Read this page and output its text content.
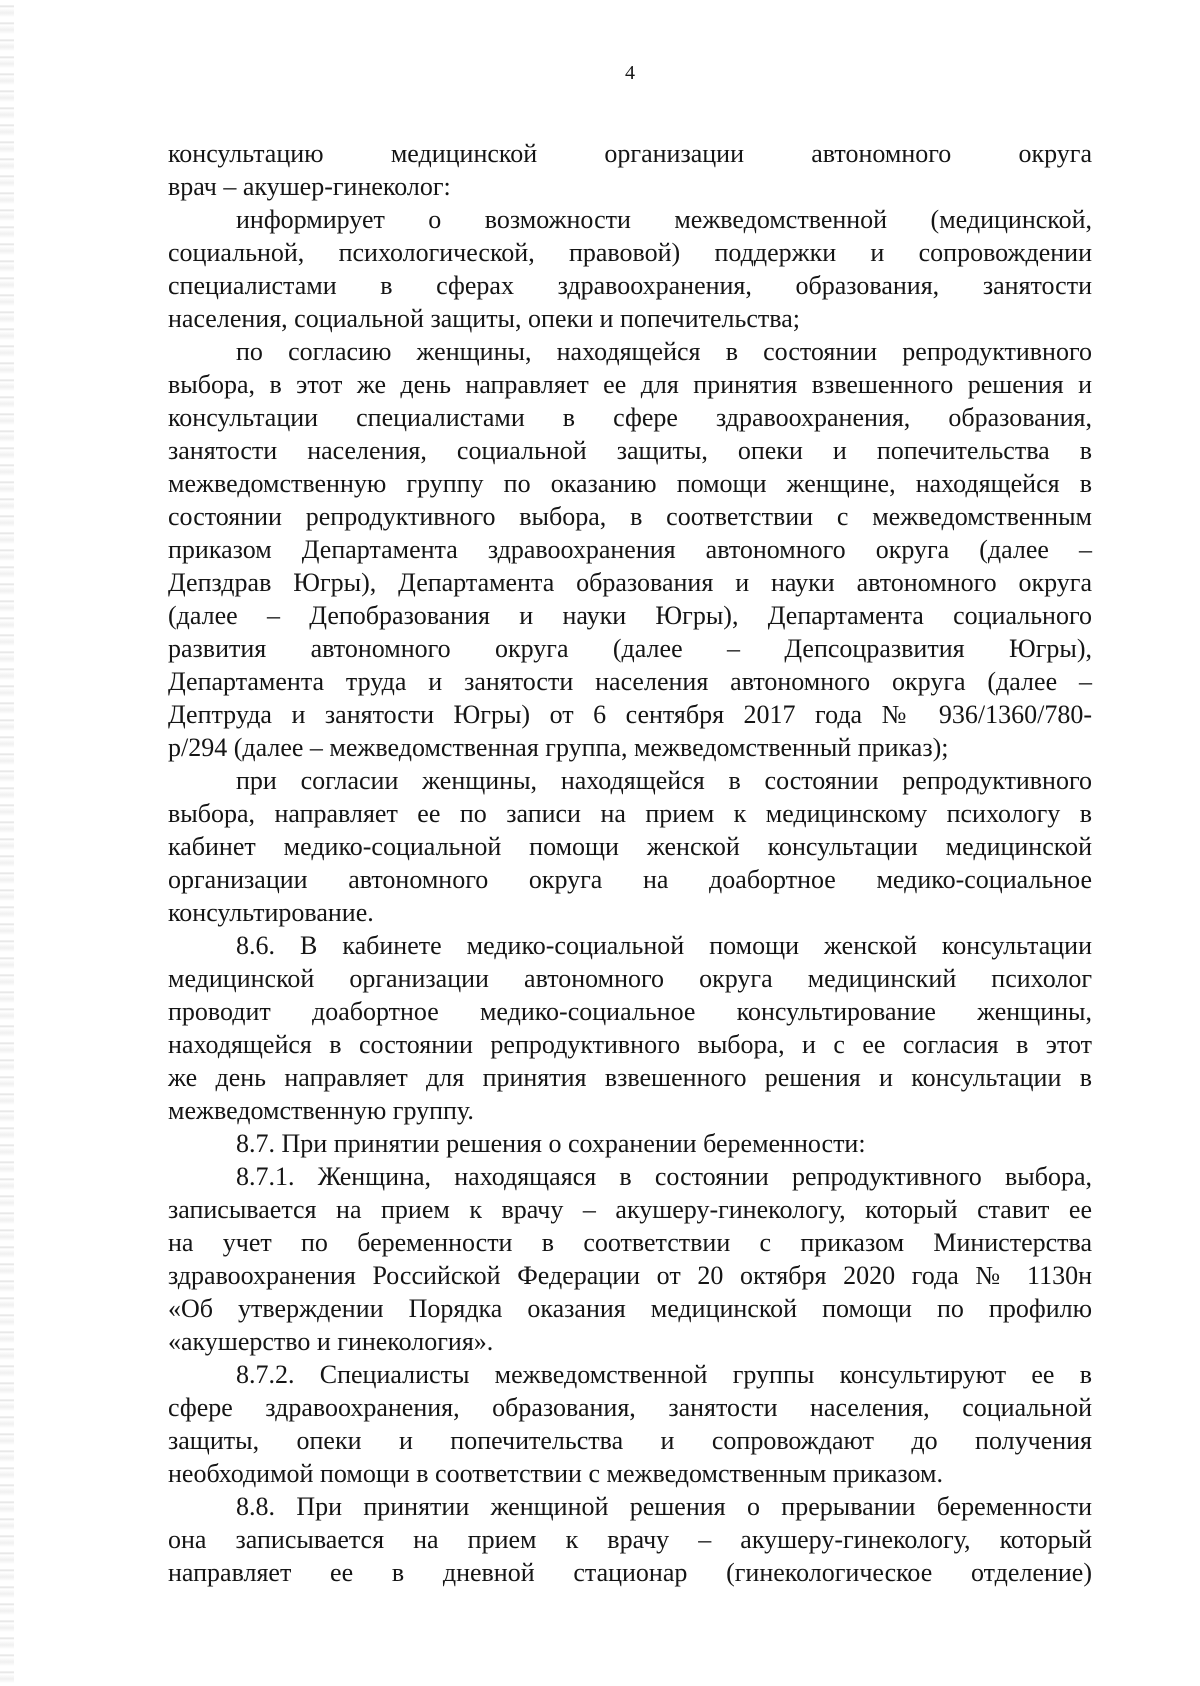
4
консультацию медицинской организации автономного округа
врач – акушер-гинеколог:
информирует о возможности межведомственной (медицинской,
социальной, психологической, правовой) поддержки и сопровождении
специалистами в сферах здравоохранения, образования, занятости
населения, социальной защиты, опеки и попечительства;
по согласию женщины, находящейся в состоянии репродуктивного
выбора, в этот же день направляет ее для принятия взвешенного решения и
консультации специалистами в сфере здравоохранения, образования,
занятости населения, социальной защиты, опеки и попечительства в
межведомственную группу по оказанию помощи женщине, находящейся в
состоянии репродуктивного выбора, в соответствии с межведомственным
приказом Департамента здравоохранения автономного округа (далее –
Депздрав Югры), Департамента образования и науки автономного округа
(далее – Депобразования и науки Югры), Департамента социального
развития автономного округа (далее – Депсоцразвития Югры),
Департамента труда и занятости населения автономного округа (далее –
Дептруда и занятости Югры) от 6 сентября 2017 года № 936/1360/780-
р/294 (далее – межведомственная группа, межведомственный приказ);
при согласии женщины, находящейся в состоянии репродуктивного
выбора, направляет ее по записи на прием к медицинскому психологу в
кабинет медико-социальной помощи женской консультации медицинской
организации автономного округа на доабортное медико-социальное
консультирование.
8.6. В кабинете медико-социальной помощи женской консультации
медицинской организации автономного округа медицинский психолог
проводит доабортное медико-социальное консультирование женщины,
находящейся в состоянии репродуктивного выбора, и с ее согласия в этот
же день направляет для принятия взвешенного решения и консультации в
межведомственную группу.
8.7. При принятии решения о сохранении беременности:
8.7.1. Женщина, находящаяся в состоянии репродуктивного выбора,
записывается на прием к врачу – акушеру-гинекологу, который ставит ее
на учет по беременности в соответствии с приказом Министерства
здравоохранения Российской Федерации от 20 октября 2020 года № 1130н
«Об утверждении Порядка оказания медицинской помощи по профилю
«акушерство и гинекология».
8.7.2. Специалисты межведомственной группы консультируют ее в
сфере здравоохранения, образования, занятости населения, социальной
защиты, опеки и попечительства и сопровождают до получения
необходимой помощи в соответствии с межведомственным приказом.
8.8. При принятии женщиной решения о прерывании беременности
она записывается на прием к врачу – акушеру-гинекологу, который
направляет ее в дневной стационар (гинекологическое отделение)
